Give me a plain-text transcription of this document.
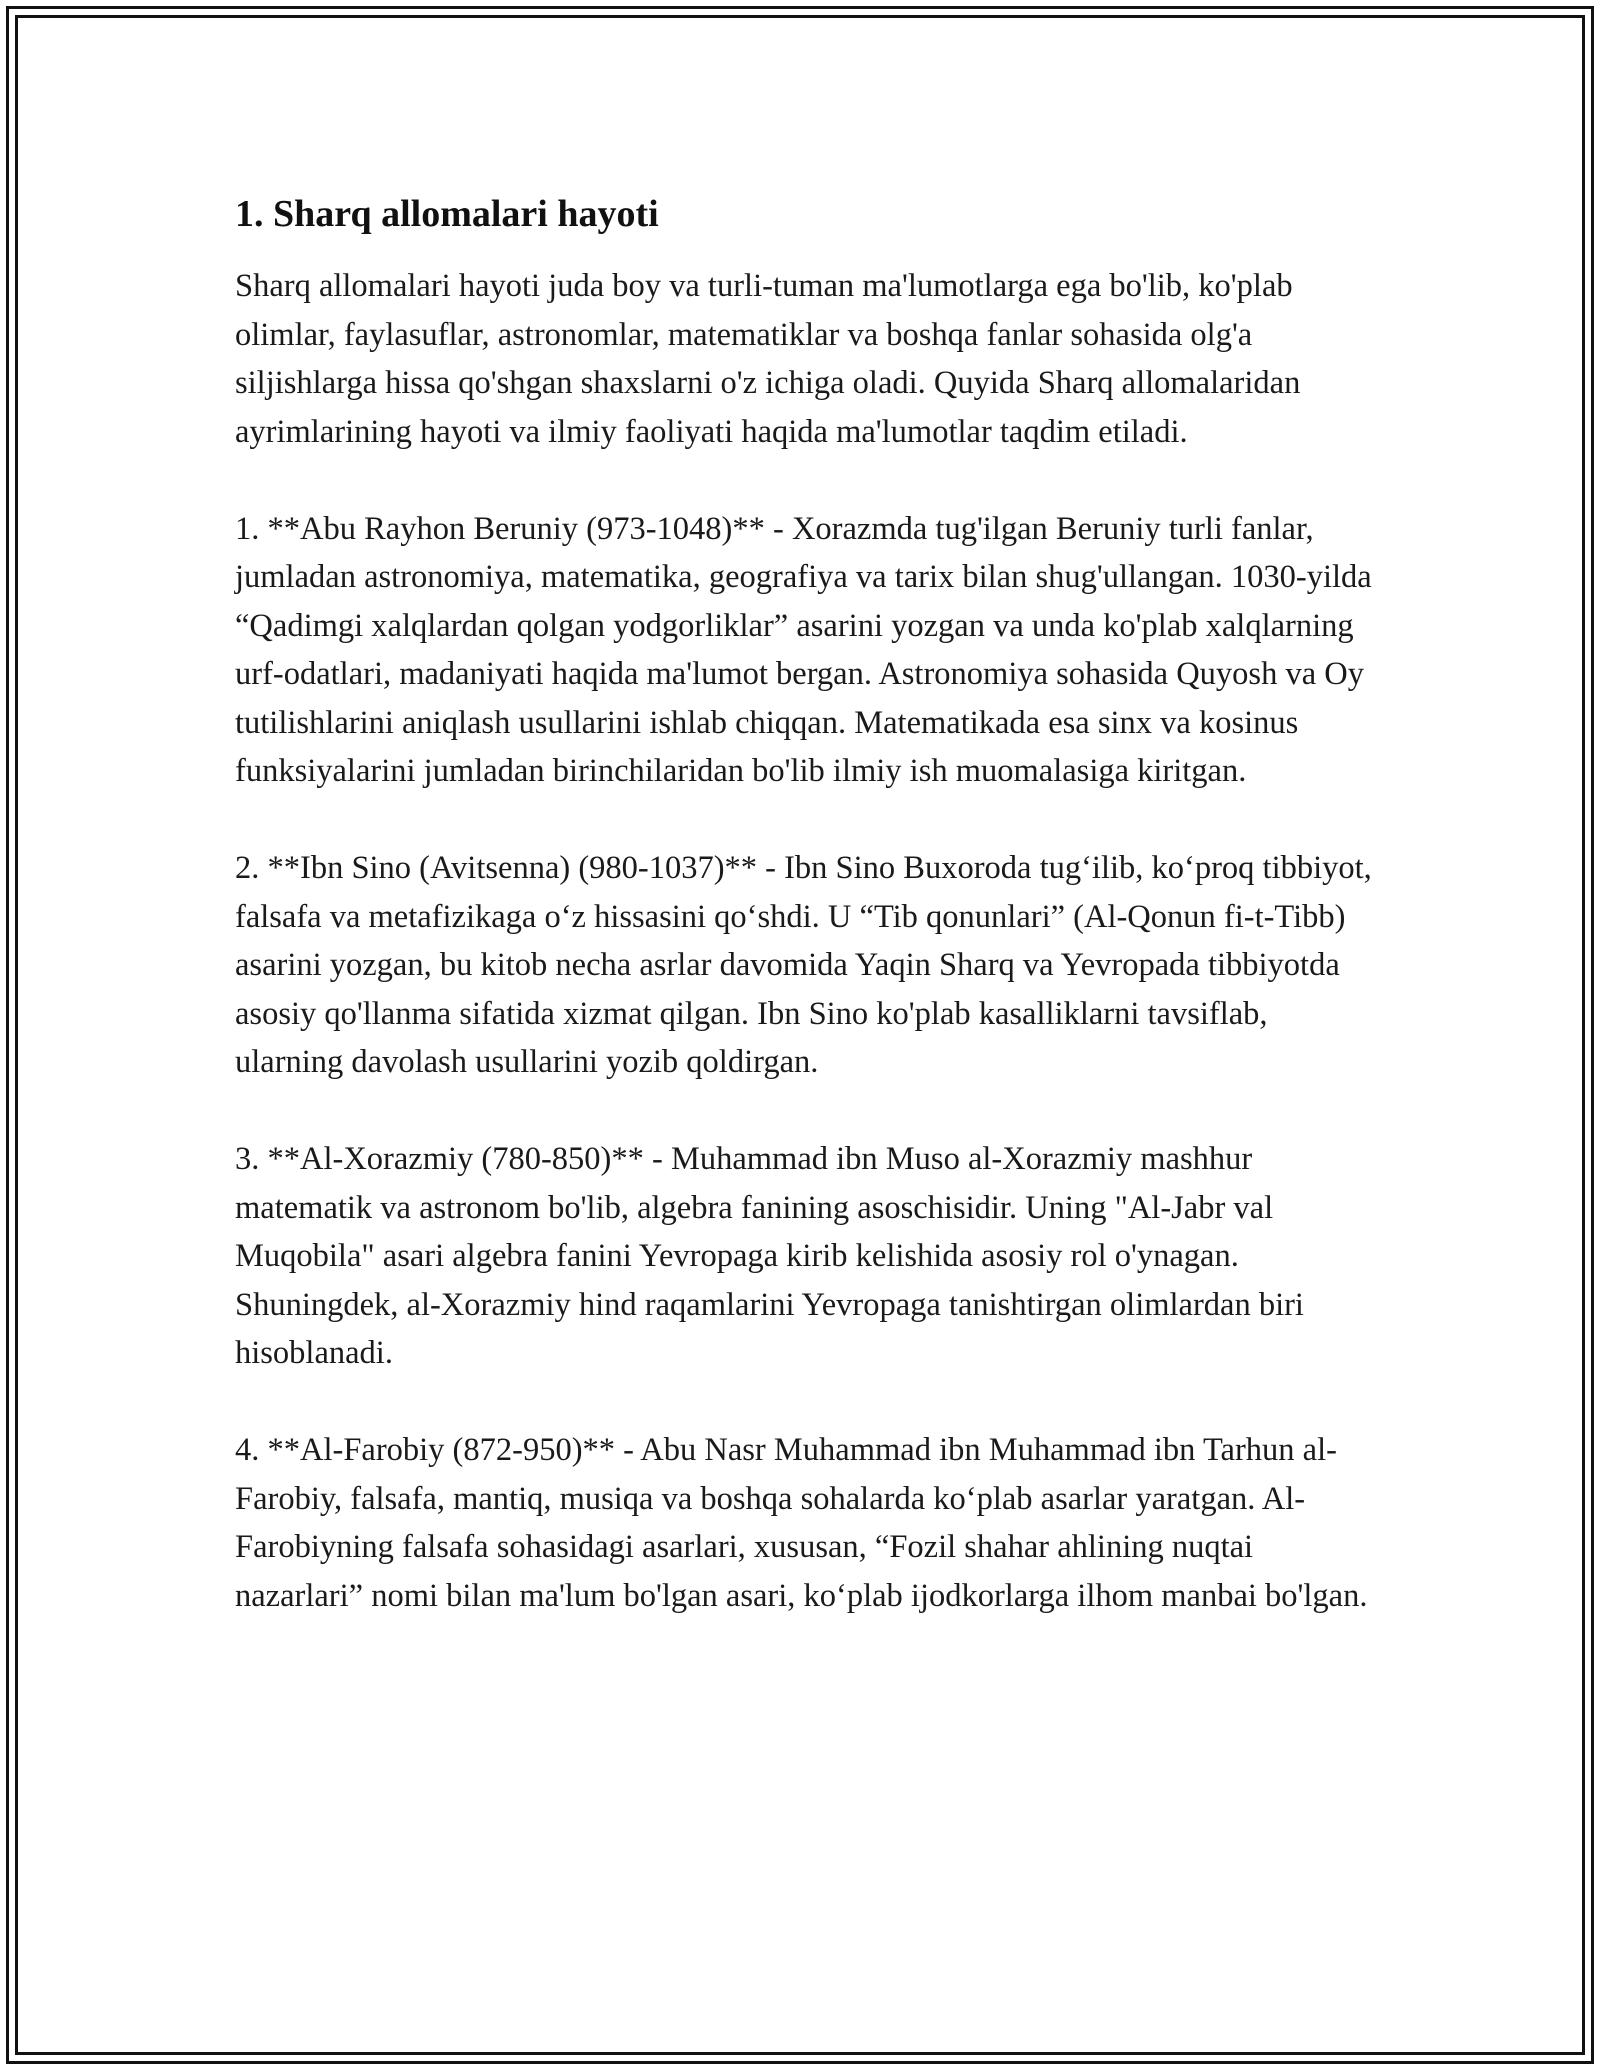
1. Sharq allomalari hayoti

Sharq allomalari hayoti juda boy va turli-tuman ma'lumotlarga ega bo'lib, ko'plab olimlar, faylasuflar, astronomlar, matematiklar va boshqa fanlar sohasida olg'a siljishlarga hissa qo'shgan shaxslarni o'z ichiga oladi. Quyida Sharq allomalaridan ayrimlarining hayoti va ilmiy faoliyati haqida ma'lumotlar taqdim etiladi.

1. **Abu Rayhon Beruniy (973-1048)** - Xorazmda tug'ilgan Beruniy turli fanlar, jumladan astronomiya, matematika, geografiya va tarix bilan shug'ullangan. 1030-yilda “Qadimgi xalqlardan qolgan yodgorliklar” asarini yozgan va unda ko'plab xalqlarning urf-odatlari, madaniyati haqida ma'lumot bergan. Astronomiya sohasida Quyosh va Oy tutilishlarini aniqlash usullarini ishlab chiqqan. Matematikada esa sinx va kosinus funksiyalarini jumladan birinchilaridan bo'lib ilmiy ish muomalasiga kiritgan.

2. **Ibn Sino (Avitsenna) (980-1037)** - Ibn Sino Buxoroda tug‘ilib, ko‘proq tibbiyot, falsafa va metafizikaga o‘z hissasini qo‘shdi. U “Tib qonunlari” (Al-Qonun fi-t-Tibb) asarini yozgan, bu kitob necha asrlar davomida Yaqin Sharq va Yevropada tibbiyotda asosiy qo'llanma sifatida xizmat qilgan. Ibn Sino ko'plab kasalliklarni tavsiflab, ularning davolash usullarini yozib qoldirgan.

3. **Al-Xorazmiy (780-850)** - Muhammad ibn Muso al-Xorazmiy mashhur matematik va astronom bo'lib, algebra fanining asoschisidir. Uning "Al-Jabr val Muqobila" asari algebra fanini Yevropaga kirib kelishida asosiy rol o'ynagan. Shuningdek, al-Xorazmiy hind raqamlarini Yevropaga tanishtirgan olimlardan biri hisoblanadi.

4. **Al-Farobiy (872-950)** - Abu Nasr Muhammad ibn Muhammad ibn Tarhun al-Farobiy, falsafa, mantiq, musiqa va boshqa sohalarda ko‘plab asarlar yaratgan. Al-Farobiyning falsafa sohasidagi asarlari, xususan, “Fozil shahar ahlining nuqtai nazarlari” nomi bilan ma'lum bo'lgan asari, ko‘plab ijodkorlarga ilhom manbai bo'lgan.
